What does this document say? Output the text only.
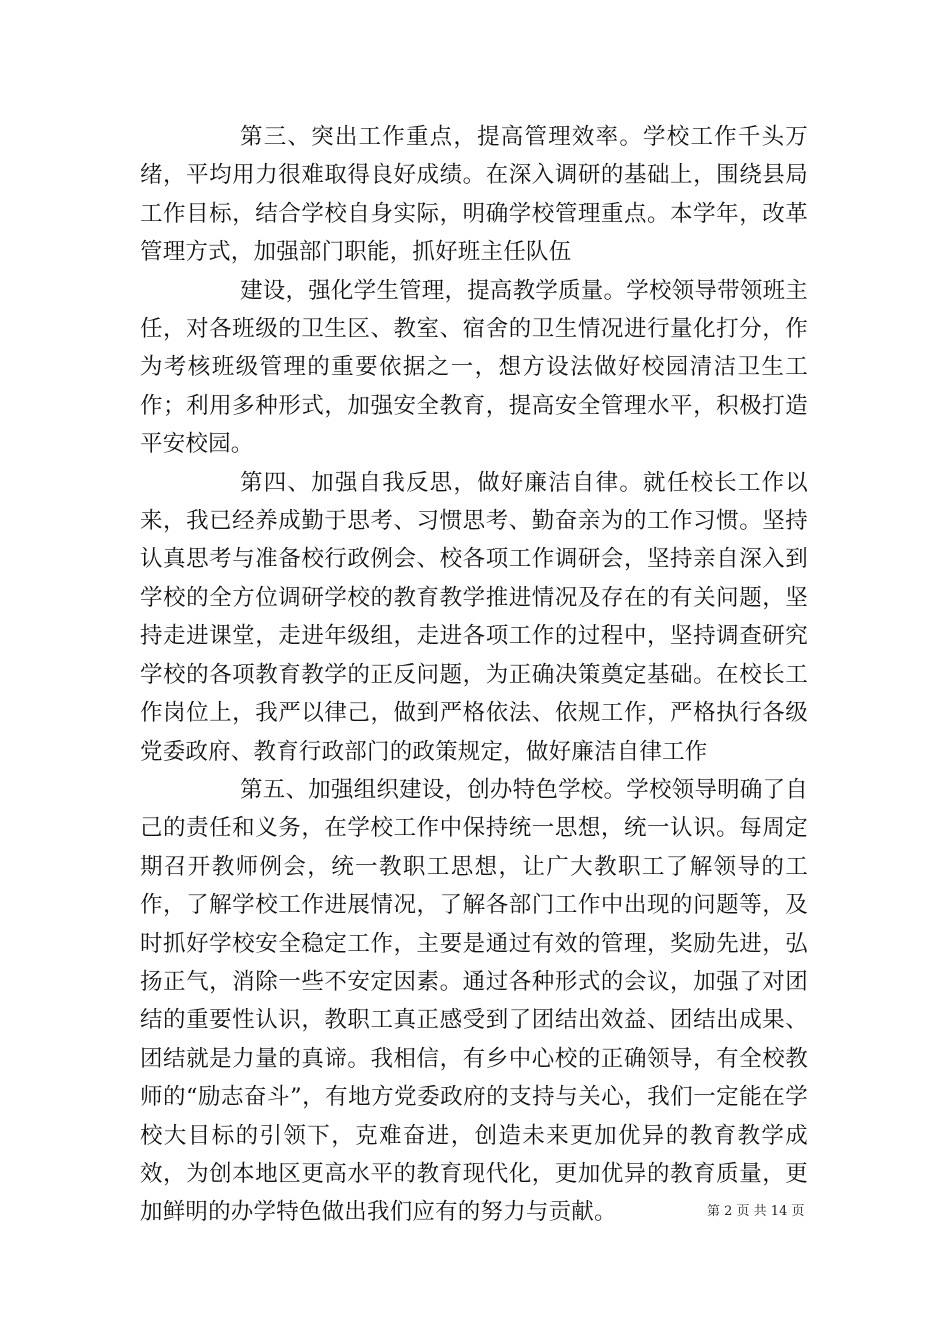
第三、突出工作重点，提高管理效率。学校工作千头万绪，平均用力很难取得良好成绩。在深入调研的基础上，围绕县局工作目标，结合学校自身实际，明确学校管理重点。本学年，改革管理方式，加强部门职能，抓好班主任队伍

建设，强化学生管理，提高教学质量。学校领导带领班主任，对各班级的卫生区、教室、宿舍的卫生情况进行量化打分，作为考核班级管理的重要依据之一，想方设法做好校园清洁卫生工作；利用多种形式，加强安全教育，提高安全管理水平，积极打造平安校园。

第四、加强自我反思，做好廉洁自律。就任校长工作以来，我已经养成勤于思考、习惯思考、勤奋亲为的工作习惯。坚持认真思考与准备校行政例会、校各项工作调研会，坚持亲自深入到学校的全方位调研学校的教育教学推进情况及存在的有关问题，坚持走进课堂，走进年级组，走进各项工作的过程中，坚持调查研究学校的各项教育教学的正反问题，为正确决策奠定基础。在校长工作岗位上，我严以律己，做到严格依法、依规工作，严格执行各级党委政府、教育行政部门的政策规定，做好廉洁自律工作

第五、加强组织建设，创办特色学校。学校领导明确了自己的责任和义务，在学校工作中保持统一思想，统一认识。每周定期召开教师例会，统一教职工思想，让广大教职工了解领导的工作，了解学校工作进展情况，了解各部门工作中出现的问题等，及时抓好学校安全稳定工作，主要是通过有效的管理，奖励先进，弘扬正气，消除一些不安定因素。通过各种形式的会议，加强了对团结的重要性认识，教职工真正感受到了团结出效益、团结出成果、团结就是力量的真谛。我相信，有乡中心校的正确领导，有全校教师的“励志奋斗”，有地方党委政府的支持与关心，我们一定能在学校大目标的引领下，克难奋进，创造未来更加优异的教育教学成效，为创本地区更高水平的教育现代化，更加优异的教育质量，更加鲜明的办学特色做出我们应有的努力与贡献。	第 2 页 共 14 页
